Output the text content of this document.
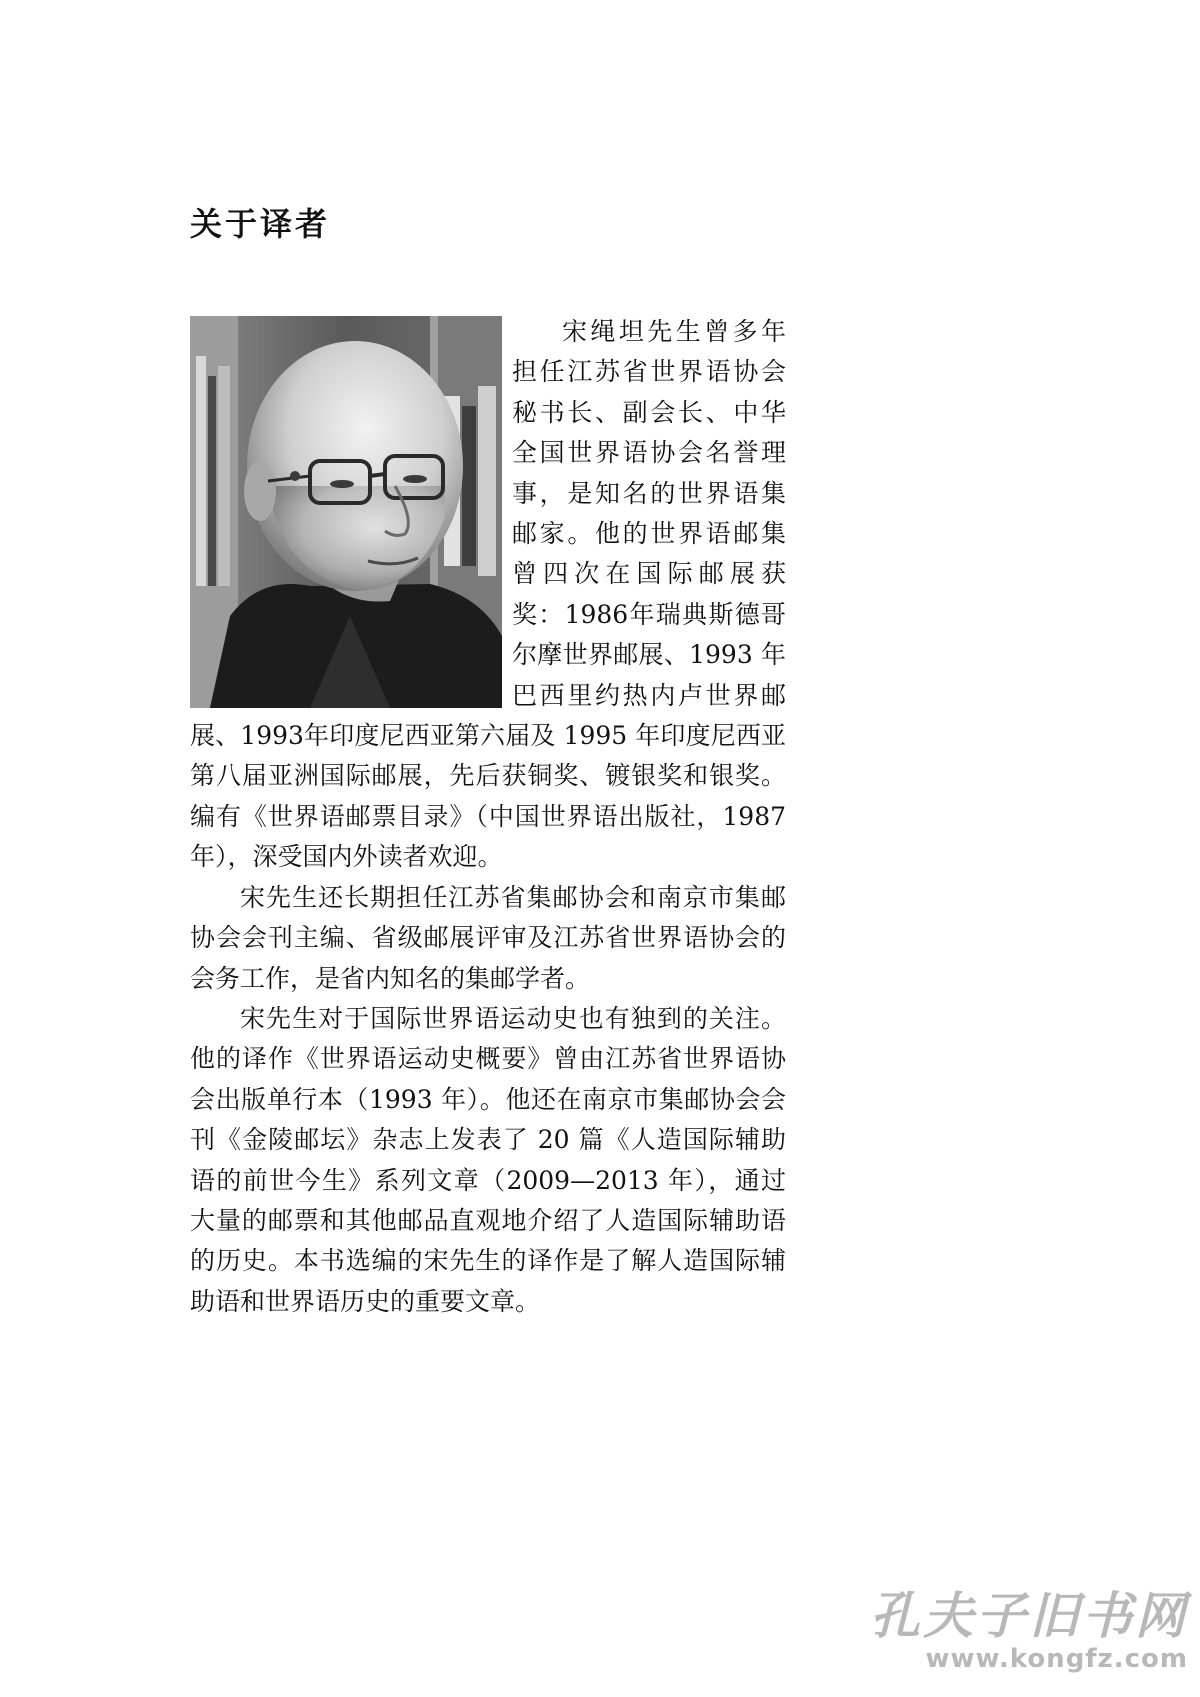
关于译者

宋绳坦先生曾多年担任江苏省世界语协会秘书长、副会长、中华全国世界语协会名誉理事，是知名的世界语集邮家。他的世界语邮集曾四次在国际邮展获奖：1986年瑞典斯德哥尔摩世界邮展、1993 年巴西里约热内卢世界邮展、1993年印度尼西亚第六届及 1995 年印度尼西亚第八届亚洲国际邮展，先后获铜奖、镀银奖和银奖。编有《世界语邮票目录》（中国世界语出版社，1987年），深受国内外读者欢迎。

宋先生还长期担任江苏省集邮协会和南京市集邮协会会刊主编、省级邮展评审及江苏省世界语协会的会务工作，是省内知名的集邮学者。

宋先生对于国际世界语运动史也有独到的关注。他的译作《世界语运动史概要》曾由江苏省世界语协会出版单行本（1993 年）。他还在南京市集邮协会会刊《金陵邮坛》杂志上发表了 20 篇《人造国际辅助语的前世今生》系列文章（2009—2013 年），通过大量的邮票和其他邮品直观地介绍了人造国际辅助语的历史。本书选编的宋先生的译作是了解人造国际辅助语和世界语历史的重要文章。

孔夫子旧书网
www.kongfz.com
